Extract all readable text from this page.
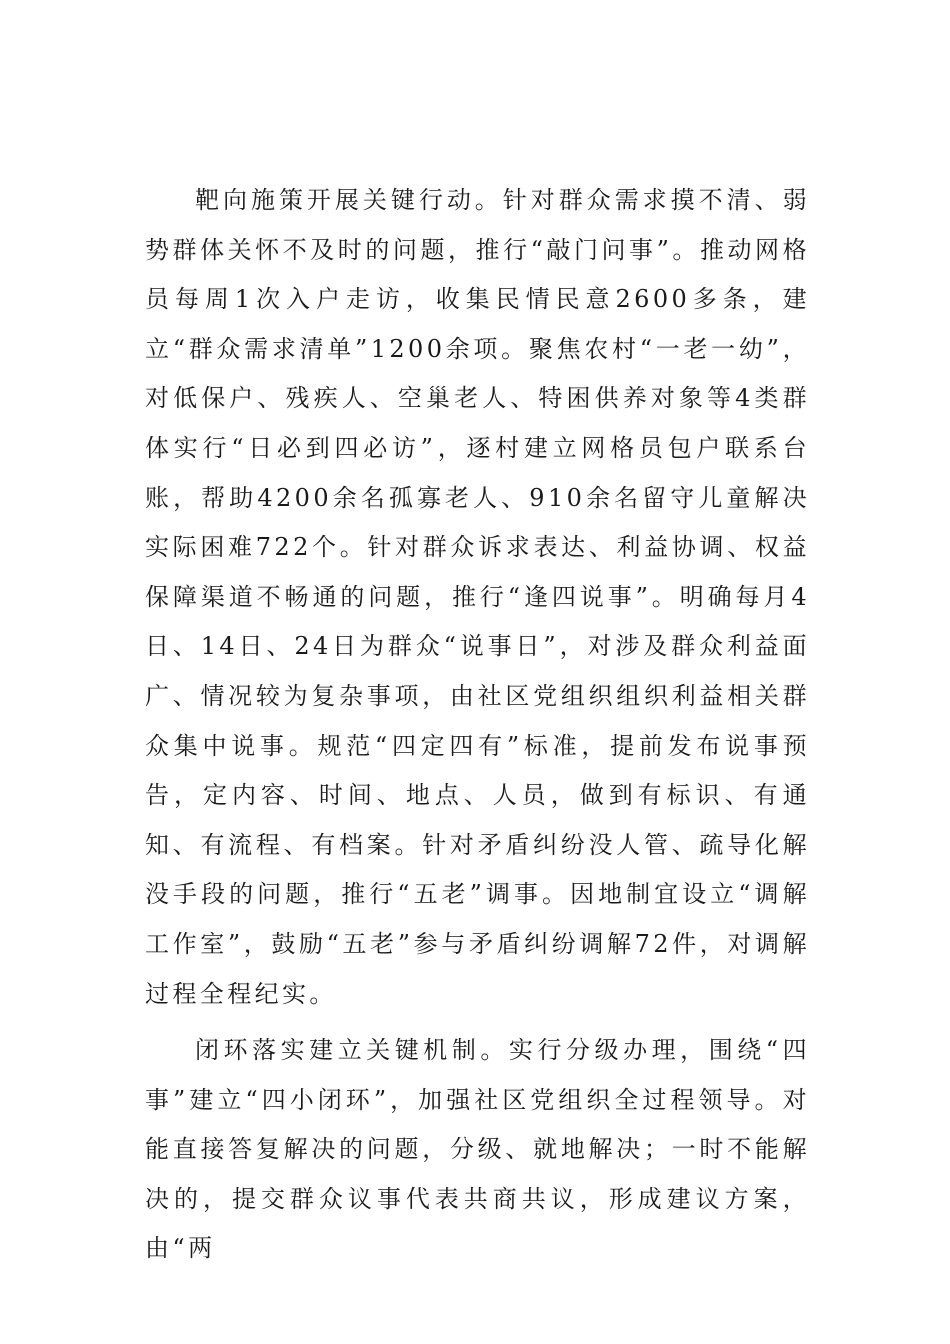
靶向施策开展关键行动。针对群众需求摸不清、弱势群体关怀不及时的问题，推行“敲门问事”。推动网格员每周1次入户走访，收集民情民意2600多条，建立“群众需求清单”1200余项。聚焦农村“一老一幼”，对低保户、残疾人、空巢老人、特困供养对象等4类群体实行“日必到四必访”，逐村建立网格员包户联系台账，帮助4200余名孤寡老人、910余名留守儿童解决实际困难722个。针对群众诉求表达、利益协调、权益保障渠道不畅通的问题，推行“逢四说事”。明确每月4日、14日、24日为群众“说事日”，对涉及群众利益面广、情况较为复杂事项，由社区党组织组织利益相关群众集中说事。规范“四定四有”标准，提前发布说事预告，定内容、时间、地点、人员，做到有标识、有通知、有流程、有档案。针对矛盾纠纷没人管、疏导化解没手段的问题，推行“五老”调事。因地制宜设立“调解工作室”，鼓励“五老”参与矛盾纠纷调解72件，对调解过程全程纪实。

闭环落实建立关键机制。实行分级办理，围绕“四事”建立“四小闭环”，加强社区党组织全过程领导。对能直接答复解决的问题，分级、就地解决；一时不能解决的，提交群众议事代表共商共议，形成建议方案，由“两
